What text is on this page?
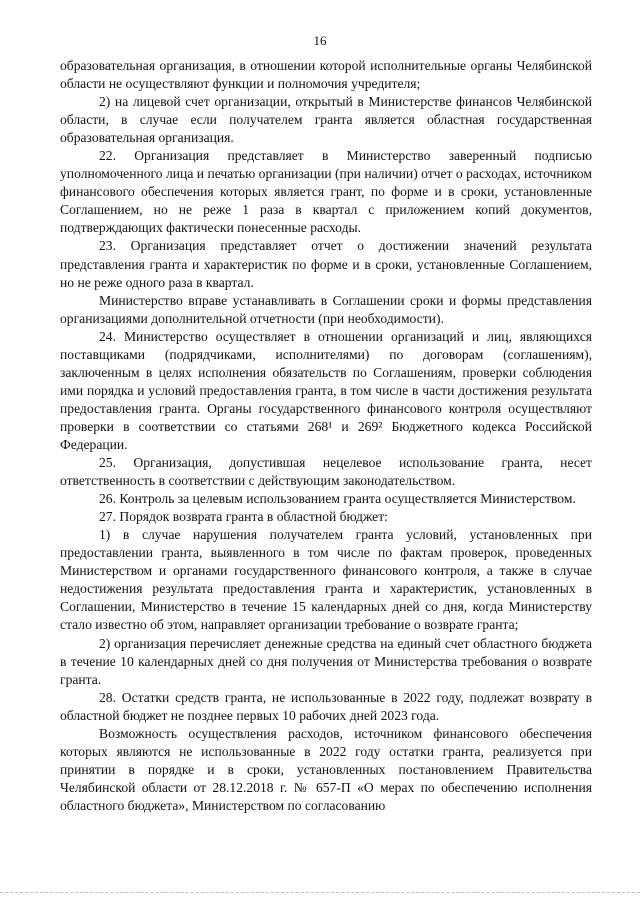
16

образовательная организация, в отношении которой исполнительные органы Челябинской области не осуществляют функции и полномочия учредителя;

2) на лицевой счет организации, открытый в Министерстве финансов Челябинской области, в случае если получателем гранта является областная государственная образовательная организация.

22. Организация представляет в Министерство заверенный подписью уполномоченного лица и печатью организации (при наличии) отчет о расходах, источником финансового обеспечения которых является грант, по форме и в сроки, установленные Соглашением, но не реже 1 раза в квартал с приложением копий документов, подтверждающих фактически понесенные расходы.

23. Организация представляет отчет о достижении значений результата представления гранта и характеристик по форме и в сроки, установленные Соглашением, но не реже одного раза в квартал.

Министерство вправе устанавливать в Соглашении сроки и формы представления организациями дополнительной отчетности (при необходимости).

24. Министерство осуществляет в отношении организаций и лиц, являющихся поставщиками (подрядчиками, исполнителями) по договорам (соглашениям), заключенным в целях исполнения обязательств по Соглашениям, проверки соблюдения ими порядка и условий предоставления гранта, в том числе в части достижения результата предоставления гранта. Органы государственного финансового контроля осуществляют проверки в соответствии со статьями 268¹ и 269² Бюджетного кодекса Российской Федерации.

25. Организация, допустившая нецелевое использование гранта, несет ответственность в соответствии с действующим законодательством.

26. Контроль за целевым использованием гранта осуществляется Министерством.

27. Порядок возврата гранта в областной бюджет:

1) в случае нарушения получателем гранта условий, установленных при предоставлении гранта, выявленного в том числе по фактам проверок, проведенных Министерством и органами государственного финансового контроля, а также в случае недостижения результата предоставления гранта и характеристик, установленных в Соглашении, Министерство в течение 15 календарных дней со дня, когда Министерству стало известно об этом, направляет организации требование о возврате гранта;

2) организация перечисляет денежные средства на единый счет областного бюджета в течение 10 календарных дней со дня получения от Министерства требования о возврате гранта.

28. Остатки средств гранта, не использованные в 2022 году, подлежат возврату в областной бюджет не позднее первых 10 рабочих дней 2023 года.

Возможность осуществления расходов, источником финансового обеспечения которых являются не использованные в 2022 году остатки гранта, реализуется при принятии в порядке и в сроки, установленных постановлением Правительства Челябинской области от 28.12.2018 г. № 657-П «О мерах по обеспечению исполнения областного бюджета», Министерством по согласованию
